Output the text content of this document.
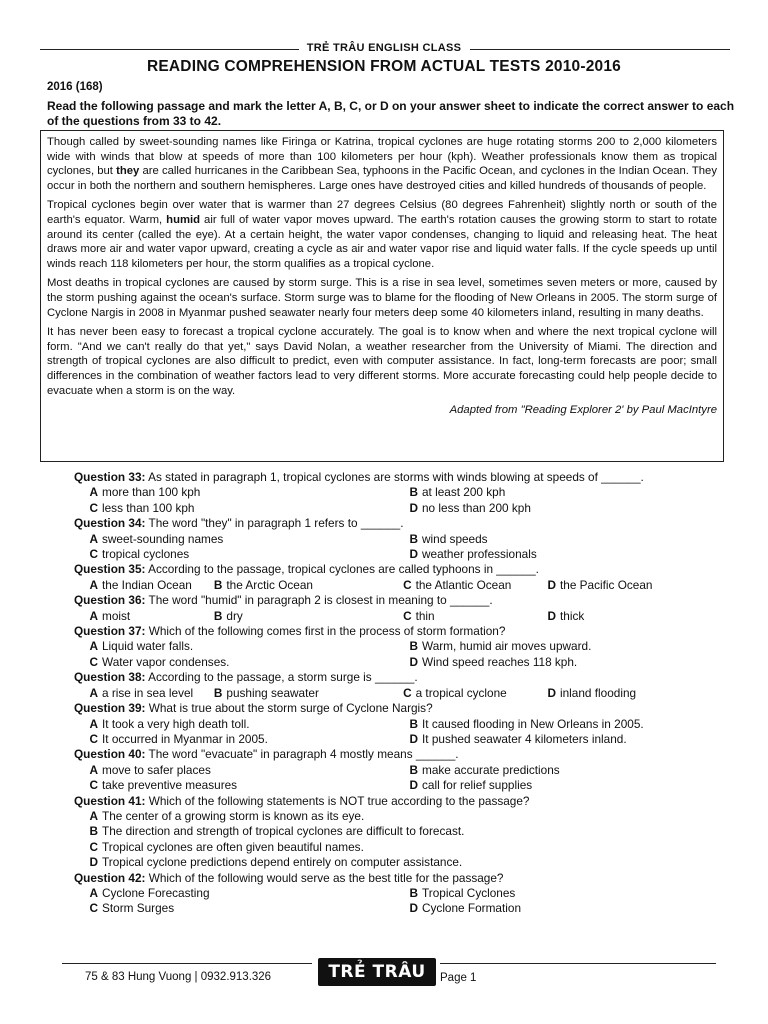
TRẺ TRÂU ENGLISH CLASS
READING COMPREHENSION FROM ACTUAL TESTS 2010-2016
2016 (168)
Read the following passage and mark the letter A, B, C, or D on your answer sheet to indicate the correct answer to each of the questions from 33 to 42.

Though called by sweet-sounding names like Firinga or Katrina, tropical cyclones are huge rotating storms 200 to 2,000 kilometers wide with winds that blow at speeds of more than 100 kilometers per hour (kph). Weather professionals know them as tropical cyclones, but they are called hurricanes in the Caribbean Sea, typhoons in the Pacific Ocean, and cyclones in the Indian Ocean. They occur in both the northern and southern hemispheres. Large ones have destroyed cities and killed hundreds of thousands of people.

Tropical cyclones begin over water that is warmer than 27 degrees Celsius (80 degrees Fahrenheit) slightly north or south of the earth's equator. Warm, humid air full of water vapor moves upward. The earth's rotation causes the growing storm to start to rotate around its center (called the eye). At a certain height, the water vapor condenses, changing to liquid and releasing heat. The heat draws more air and water vapor upward, creating a cycle as air and water vapor rise and liquid water falls. If the cycle speeds up until winds reach 118 kilometers per hour, the storm qualifies as a tropical cyclone.

Most deaths in tropical cyclones are caused by storm surge. This is a rise in sea level, sometimes seven meters or more, caused by the storm pushing against the ocean's surface. Storm surge was to blame for the flooding of New Orleans in 2005. The storm surge of Cyclone Nargis in 2008 in Myanmar pushed seawater nearly four meters deep some 40 kilometers inland, resulting in many deaths.

It has never been easy to forecast a tropical cyclone accurately. The goal is to know when and where the next tropical cyclone will form. "And we can't really do that yet," says David Nolan, a weather researcher from the University of Miami. The direction and strength of tropical cyclones are also difficult to predict, even with computer assistance. In fact, long-term forecasts are poor; small differences in the combination of weather factors lead to very different storms. More accurate forecasting could help people decide to evacuate when a storm is on the way.

Adapted from "Reading Explorer 2' by Paul MacIntyre

Question 33: As stated in paragraph 1, tropical cyclones are storms with winds blowing at speeds of ______.
A more than 100 kph	B at least 200 kph
C less than 100 kph	D no less than 200 kph
Question 34: The word "they" in paragraph 1 refers to ______.
A sweet-sounding names	B wind speeds
C tropical cyclones	D weather professionals
Question 35: According to the passage, tropical cyclones are called typhoons in ______.
A the Indian Ocean	B the Arctic Ocean	C the Atlantic Ocean	D the Pacific Ocean
Question 36: The word "humid" in paragraph 2 is closest in meaning to ______.
A moist	B dry	C thin	D thick
Question 37: Which of the following comes first in the process of storm formation?
A Liquid water falls.	B Warm, humid air moves upward.
C Water vapor condenses.	D Wind speed reaches 118 kph.
Question 38: According to the passage, a storm surge is ______.
A a rise in sea level	B pushing seawater	C a tropical cyclone	D inland flooding
Question 39: What is true about the storm surge of Cyclone Nargis?
A It took a very high death toll.	B It caused flooding in New Orleans in 2005.
C It occurred in Myanmar in 2005.	D It pushed seawater 4 kilometers inland.
Question 40: The word "evacuate" in paragraph 4 mostly means ______.
A move to safer places	B make accurate predictions
C take preventive measures	D call for relief supplies
Question 41: Which of the following statements is NOT true according to the passage?
A The center of a growing storm is known as its eye.
B The direction and strength of tropical cyclones are difficult to forecast.
C Tropical cyclones are often given beautiful names.
D Tropical cyclone predictions depend entirely on computer assistance.
Question 42: Which of the following would serve as the best title for the passage?
A Cyclone Forecasting	B Tropical Cyclones
C Storm Surges	D Cyclone Formation
75 & 83 Hung Vuong | 0932.913.326	TRẺ TRÂU	Page 1
